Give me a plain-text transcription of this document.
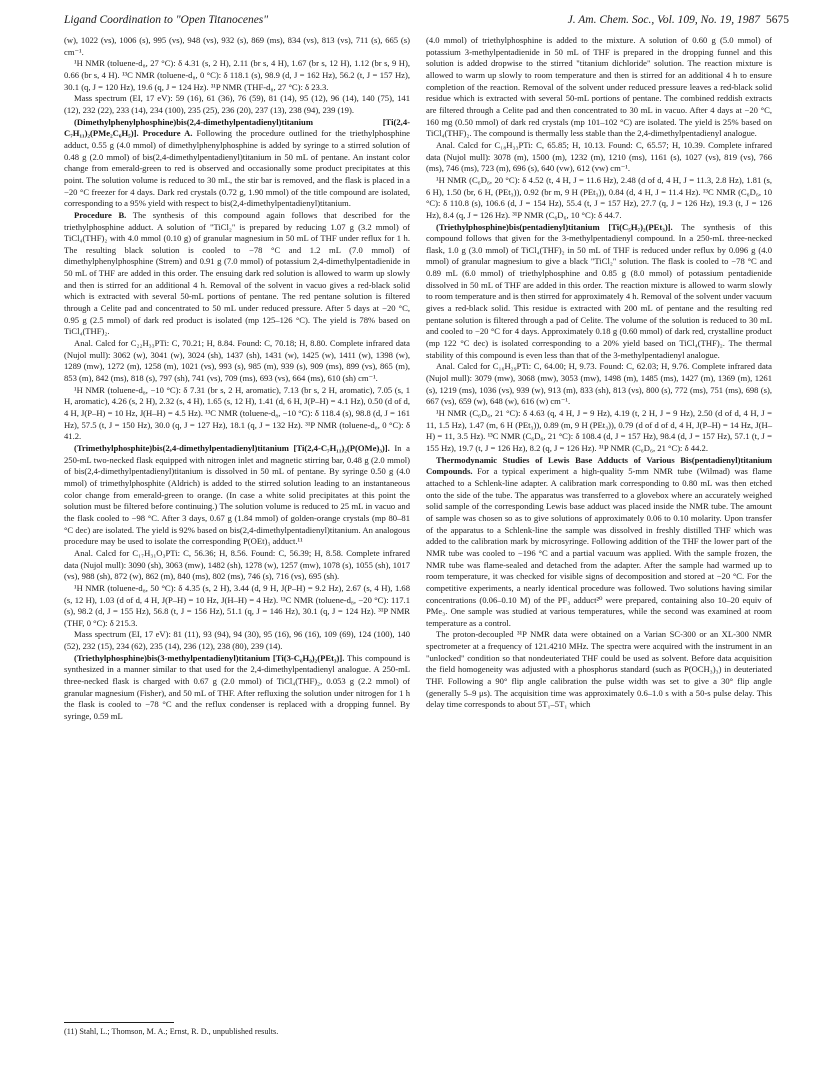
Ligand Coordination to "Open Titanocenes"	J. Am. Chem. Soc., Vol. 109, No. 19, 1987 5675

(w), 1022 (vs), 1006 (s), 995 (vs), 948 (vs), 932 (s), 869 (ms), 834 (vs), 813 (vs), 711 (s), 665 (s) cm⁻¹.

¹H NMR (toluene-d₈, 27 °C): δ 4.31 (s, 2 H), 2.11 (br s, 4 H), 1.67 (br s, 12 H), 1.12 (br s, 9 H), 0.66 (br s, 4 H). ¹³C NMR (toluene-d₈, 0 °C): δ 118.1 (s), 98.9 (d, J = 162 Hz), 56.2 (t, J = 157 Hz), 30.1 (q, J = 120 Hz), 19.6 (q, J = 124 Hz). ³¹P NMR (THF-d₈, 27 °C): δ 23.3.

Mass spectrum (EI, 17 eV): 59 (16), 61 (36), 76 (59), 81 (14), 95 (12), 96 (14), 140 (75), 141 (12), 232 (22), 233 (14), 234 (100), 235 (25), 236 (20), 237 (13), 238 (94), 239 (19).

(Dimethylphenylphosphine)bis(2,4-dimethylpentadienyl)titanium [Ti(2,4-C₇H₁₁)₂(PMe₂C₆H₅)]. Procedure A. Following the procedure outlined for the triethylphosphine adduct, 0.55 g (4.0 mmol) of dimethylphenylphosphine is added by syringe to a stirred solution of 0.48 g (2.0 mmol) of bis(2,4-dimethylpentadienyl)titanium in 50 mL of pentane. An instant color change from emerald-green to red is observed and occasionally some product precipitates at this point. The solution volume is reduced to 30 mL, the stir bar is removed, and the flask is placed in a −20 °C freezer for 4 days. Dark red crystals (0.72 g, 1.90 mmol) of the title compound are isolated, corresponding to a 95% yield with respect to bis(2,4-dimethylpentadienyl)titanium.

Procedure B. The synthesis of this compound again follows that described for the triethylphosphine adduct. A solution of "TiCl₂" is prepared by reducing 1.07 g (3.2 mmol) of TiCl₄(THF)₂ with 4.0 mmol (0.10 g) of granular magnesium in 50 mL of THF under reflux for 1 h. The resulting black solution is cooled to −78 °C and 1.2 mL (7.0 mmol) of dimethylphenylphosphine (Strem) and 0.91 g (7.0 mmol) of potassium 2,4-dimethylpentadienide in 50 mL of THF are added in this order. The ensuing dark red solution is allowed to warm up slowly and then is stirred for an additional 4 h. Removal of the solvent in vacuo gives a red-black solid which is extracted with several 50-mL portions of pentane. The red pentane solution is filtered through a Celite pad and concentrated to 50 mL under reduced pressure. After 5 days at −20 °C, 0.95 g (2.5 mmol) of dark red product is isolated (mp 125–126 °C). The yield is 78% based on TiCl₄(THF)₂.

Anal. Calcd for C₂₂H₃₃PTi: C, 70.21; H, 8.84. Found: C, 70.18; H, 8.80. Complete infrared data (Nujol mull): 3062 (w), 3041 (w), 3024 (sh), 1437 (sh), 1431 (w), 1425 (w), 1411 (w), 1398 (w), 1289 (mw), 1272 (m), 1258 (m), 1021 (vs), 993 (s), 985 (m), 939 (s), 909 (ms), 899 (vs), 865 (m), 853 (m), 842 (ms), 818 (s), 797 (sh), 741 (vs), 709 (ms), 693 (vs), 664 (ms), 610 (sh) cm⁻¹.

¹H NMR (toluene-d₈, −10 °C): δ 7.31 (br s, 2 H, aromatic), 7.13 (br s, 2 H, aromatic), 7.05 (s, 1 H, aromatic), 4.26 (s, 2 H), 2.32 (s, 4 H), 1.65 (s, 12 H), 1.41 (d, 6 H, J(P–H) = 4.1 Hz), 0.50 (d of d, 4 H, J(P–H) = 10 Hz, J(H–H) = 4.5 Hz). ¹³C NMR (toluene-d₈, −10 °C): δ 118.4 (s), 98.8 (d, J = 161 Hz), 57.5 (t, J = 150 Hz), 30.0 (q, J = 127 Hz), 18.1 (q, J = 132 Hz). ³¹P NMR (toluene-d₈, 0 °C): δ 41.2.

(Trimethylphosphite)bis(2,4-dimethylpentadienyl)titanium [Ti(2,4-C₇H₁₁)₂(P(OMe)₃)]. In a 250-mL two-necked flask equipped with nitrogen inlet and magnetic stirring bar, 0.48 g (2.0 mmol) of bis(2,4-dimethylpentadienyl)titanium is dissolved in 50 mL of pentane. By syringe 0.50 g (4.0 mmol) of trimethylphosphite (Aldrich) is added to the stirred solution leading to an instantaneous color change from emerald-green to orange. (In case a white solid precipitates at this point the solution must be filtered before continuing.) The solution volume is reduced to 25 mL in vacuo and the flask cooled to −98 °C. After 3 days, 0.67 g (1.84 mmol) of golden-orange crystals (mp 80–81 °C dec) are isolated. The yield is 92% based on bis(2,4-dimethylpentadienyl)titanium. An analogous procedure may be used to isolate the corresponding P(OEt)₃ adduct.¹¹

Anal. Calcd for C₁₇H₃₁O₃PTi: C, 56.36; H, 8.56. Found: C, 56.39; H, 8.58. Complete infrared data (Nujol mull): 3090 (sh), 3063 (mw), 1482 (sh), 1278 (w), 1257 (mw), 1078 (s), 1055 (sh), 1017 (vs), 988 (sh), 872 (w), 862 (m), 840 (ms), 802 (ms), 746 (s), 716 (vs), 695 (sh).

¹H NMR (toluene-d₈, 50 °C): δ 4.35 (s, 2 H), 3.44 (d, 9 H, J(P–H) = 9.2 Hz), 2.67 (s, 4 H), 1.68 (s, 12 H), 1.03 (d of d, 4 H, J(P–H) = 10 Hz, J(H–H) = 4 Hz). ¹³C NMR (toluene-d₈, −20 °C): 117.1 (s), 98.2 (d, J = 155 Hz), 56.8 (t, J = 156 Hz), 51.1 (q, J = 146 Hz), 30.1 (q, J = 124 Hz). ³¹P NMR (THF, 0 °C): δ 215.3.

Mass spectrum (EI, 17 eV): 81 (11), 93 (94), 94 (30), 95 (16), 96 (16), 109 (69), 124 (100), 140 (52), 232 (15), 234 (62), 235 (14), 236 (12), 238 (80), 239 (14).

(Triethylphosphine)bis(3-methylpentadienyl)titanium [Ti(3-C₆H₉)₂(PEt₃)]. This compound is synthesized in a manner similar to that used for the 2,4-dimethylpentadienyl analogue. A 250-mL three-necked flask is charged with 0.67 g (2.0 mmol) of TiCl₄(THF)₂, 0.053 g (2.2 mmol) of granular magnesium (Fisher), and 50 mL of THF. After refluxing the solution under nitrogen for 1 h the flask is cooled to −78 °C and the reflux condenser is replaced with a dropping funnel. By syringe, 0.59 mL

(4.0 mmol) of triethylphosphine is added to the mixture. A solution of 0.60 g (5.0 mmol) of potassium 3-methylpentadienide in 50 mL of THF is prepared in the dropping funnel and this solution is added dropwise to the stirred "titanium dichloride" solution. The reaction mixture is allowed to warm up slowly to room temperature and then is stirred for an additional 4 h to ensure completion of the reaction. Removal of the solvent under reduced pressure leaves a red-black solid residue which is extracted with several 50-mL portions of pentane. The combined reddish extracts are filtered through a Celite pad and then concentrated to 30 mL in vacuo. After 4 days at −20 °C, 160 mg (0.50 mmol) of dark red crystals (mp 101–102 °C) are isolated. The yield is 25% based on TiCl₄(THF)₂. The compound is thermally less stable than the 2,4-dimethylpentadienyl analogue.

Anal. Calcd for C₁₈H₃₃PTi: C, 65.85; H, 10.13. Found: C, 65.57; H, 10.39. Complete infrared data (Nujol mull): 3078 (m), 1500 (m), 1232 (m), 1210 (ms), 1161 (s), 1027 (vs), 819 (vs), 766 (ms), 746 (ms), 723 (m), 696 (s), 640 (vw), 612 (vw) cm⁻¹.

¹H NMR (C₆D₆, 20 °C): δ 4.52 (t, 4 H, J = 11.6 Hz), 2.48 (d of d, 4 H, J = 11.3, 2.8 Hz), 1.81 (s, 6 H), 1.50 (br, 6 H, (PEt₃)), 0.92 (br m, 9 H (PEt₃)), 0.84 (d, 4 H, J = 11.4 Hz). ¹³C NMR (C₆D₆, 10 °C): δ 110.8 (s), 106.6 (d, J = 154 Hz), 55.4 (t, J = 157 Hz), 27.7 (q, J = 126 Hz), 19.3 (t, J = 126 Hz), 8.4 (q, J = 126 Hz). ³¹P NMR (C₆D₆, 10 °C): δ 44.7.

(Triethylphosphine)bis(pentadienyl)titanium [Ti(C₅H₇)₂(PEt₃)]. The synthesis of this compound follows that given for the 3-methylpentadienyl compound. In a 250-mL three-necked flask, 1.0 g (3.0 mmol) of TiCl₄(THF)₂ in 50 mL of THF is reduced under reflux by 0.096 g (4.0 mmol) of granular magnesium to give a black "TiCl₂" solution. The flask is cooled to −78 °C and 0.89 mL (6.0 mmol) of triethylphosphine and 0.85 g (8.0 mmol) of potassium pentadienide dissolved in 50 mL of THF are added in this order. The reaction mixture is allowed to warm slowly to room temperature and is then stirred for approximately 4 h. Removal of the solvent under vacuum gives a red-black solid. This residue is extracted with 200 mL of pentane and the resulting red pentane solution is filtered through a pad of Celite. The volume of the solution is reduced to 30 mL and cooled to −20 °C for 4 days. Approximately 0.18 g (0.60 mmol) of dark red, crystalline product (mp 122 °C dec) is isolated corresponding to a 20% yield based on TiCl₄(THF)₂. The thermal stability of this compound is even less than that of the 3-methylpentadienyl analogue.

Anal. Calcd for C₁₆H₂₉PTi: C, 64.00; H, 9.73. Found: C, 62.03; H, 9.76. Complete infrared data (Nujol mull): 3079 (mw), 3068 (mw), 3053 (mw), 1498 (m), 1485 (ms), 1427 (m), 1369 (m), 1261 (s), 1219 (ms), 1036 (vs), 939 (w), 913 (m), 833 (sh), 813 (vs), 800 (s), 772 (ms), 751 (ms), 698 (s), 667 (vs), 659 (w), 648 (w), 616 (w) cm⁻¹.

¹H NMR (C₆D₆, 21 °C): δ 4.63 (q, 4 H, J = 9 Hz), 4.19 (t, 2 H, J = 9 Hz), 2.50 (d of d, 4 H, J = 11, 1.5 Hz), 1.47 (m, 6 H (PEt₃)), 0.89 (m, 9 H (PEt₃)), 0.79 (d of d of d, 4 H, J(P–H) = 14 Hz, J(H–H) = 11, 3.5 Hz). ¹³C NMR (C₆D₆, 21 °C): δ 108.4 (d, J = 157 Hz), 98.4 (d, J = 157 Hz), 57.1 (t, J = 155 Hz), 19.7 (t, J = 126 Hz), 8.2 (q, J = 126 Hz). ³¹P NMR (C₆D₆, 21 °C): δ 44.2.

Thermodynamic Studies of Lewis Base Adducts of Various Bis(pentadienyl)titanium Compounds. For a typical experiment a high-quality 5-mm NMR tube (Wilmad) was flame attached to a Schlenk-line adapter. A calibration mark corresponding to 0.80 mL was then etched onto the side of the tube. The apparatus was transferred to a glovebox where an accurately weighed solid sample of the corresponding Lewis base adduct was placed inside the NMR tube. The amount of sample was chosen so as to give solutions of approximately 0.06 to 0.10 molarity. Upon transfer of the apparatus to a Schlenk-line the sample was dissolved in freshly distilled THF which was added to the calibration mark by microsyringe. Following addition of the THF the lower part of the NMR tube was cooled to −196 °C and a partial vacuum was applied. With the sample frozen, the NMR tube was flame-sealed and detached from the adapter. After the sample had warmed up to room temperature, it was checked for visible signs of decomposition and stored at −20 °C. For the competitive experiments, a nearly identical procedure was followed. Two solutions having similar concentrations (0.06–0.10 M) of the PF₃ adduct²⁰ were prepared, containing also 10–20 equiv of PMe₃. One sample was studied at various temperatures, while the second was examined at room temperature as a control.

The proton-decoupled ³¹P NMR data were obtained on a Varian SC-300 or an XL-300 NMR spectrometer at a frequency of 121.4210 MHz. The spectra were acquired with the instrument in an "unlocked" condition so that nondeuteriated THF could be used as solvent. Before data acquisition the field homogeneity was adjusted with a phosphorus standard (such as P(OCH₃)₃) in deuteriated THF. Following a 90° flip angle calibration the pulse width was set to give a 30° flip angle (generally 5–9 μs). The acquisition time was approximately 0.6–1.0 s with a 50-s pulse delay. This delay time corresponds to about 5T₁–5T₁ which

(11) Stahl, L.; Thomson, M. A.; Ernst, R. D., unpublished results.
